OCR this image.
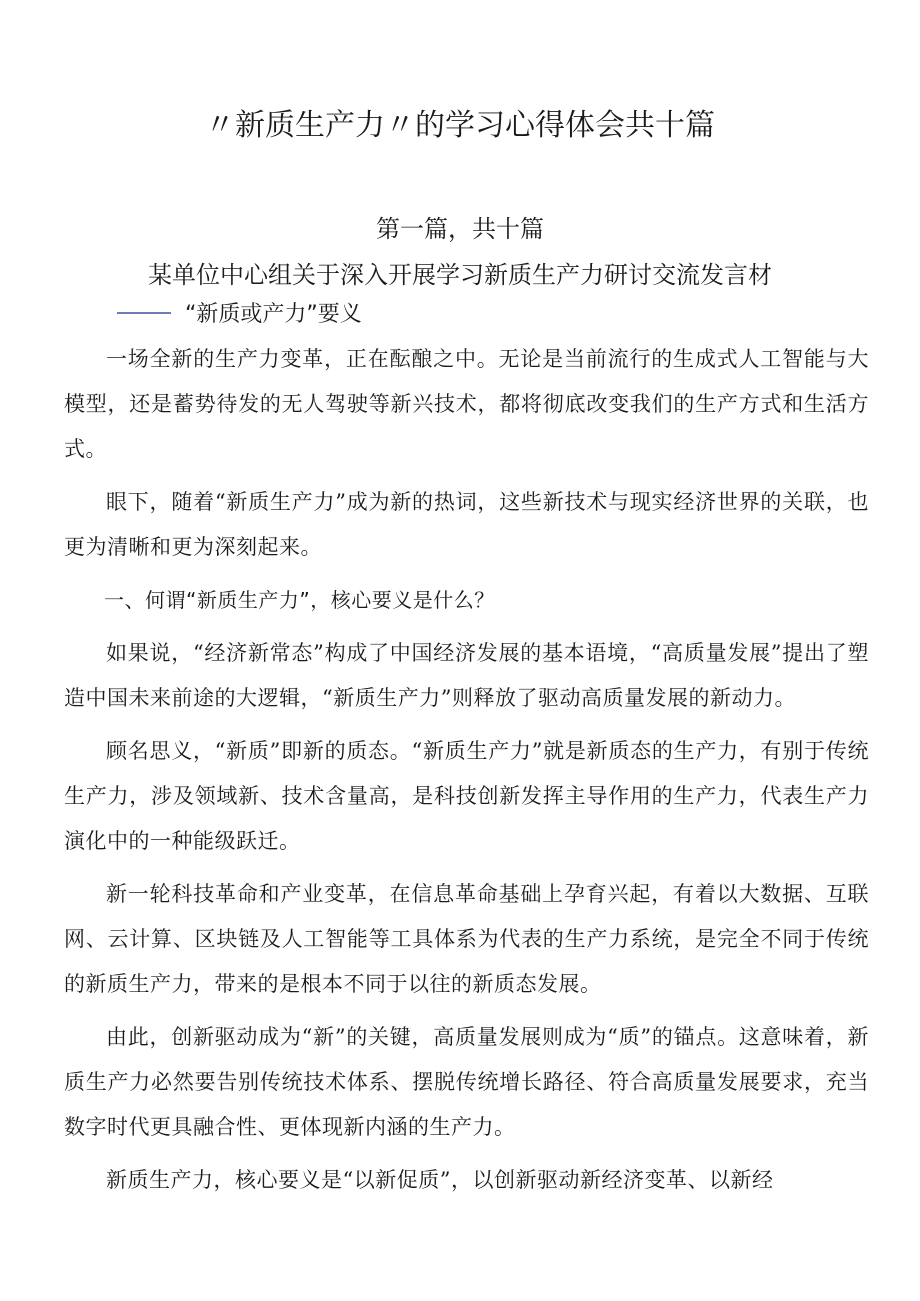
〃新质生产力〃的学习心得体会共十篇
第一篇，共十篇
某单位中心组关于深入开展学习新质生产力研讨交流发言材
“新质或产力”要义

一场全新的生产力变革，正在酝酿之中。无论是当前流行的生成式人工智能与大模型，还是蓄势待发的无人驾驶等新兴技术，都将彻底改变我们的生产方式和生活方式。

眼下，随着“新质生产力”成为新的热词，这些新技术与现实经济世界的关联，也更为清晰和更为深刻起来。

一、何谓“新质生产力”，核心要义是什么？

如果说，“经济新常态”构成了中国经济发展的基本语境，“高质量发展”提出了塑造中国未来前途的大逻辑，“新质生产力”则释放了驱动高质量发展的新动力。

顾名思义，“新质”即新的质态。“新质生产力”就是新质态的生产力，有别于传统生产力，涉及领域新、技术含量高，是科技创新发挥主导作用的生产力，代表生产力演化中的一种能级跃迁。

新一轮科技革命和产业变革，在信息革命基础上孕育兴起，有着以大数据、互联网、云计算、区块链及人工智能等工具体系为代表的生产力系统，是完全不同于传统的新质生产力，带来的是根本不同于以往的新质态发展。

由此，创新驱动成为“新”的关键，高质量发展则成为“质”的锚点。这意味着，新质生产力必然要告别传统技术体系、摆脱传统增长路径、符合高质量发展要求，充当数字时代更具融合性、更体现新内涵的生产力。

新质生产力，核心要义是“以新促质”，以创新驱动新经济变革、以新经
